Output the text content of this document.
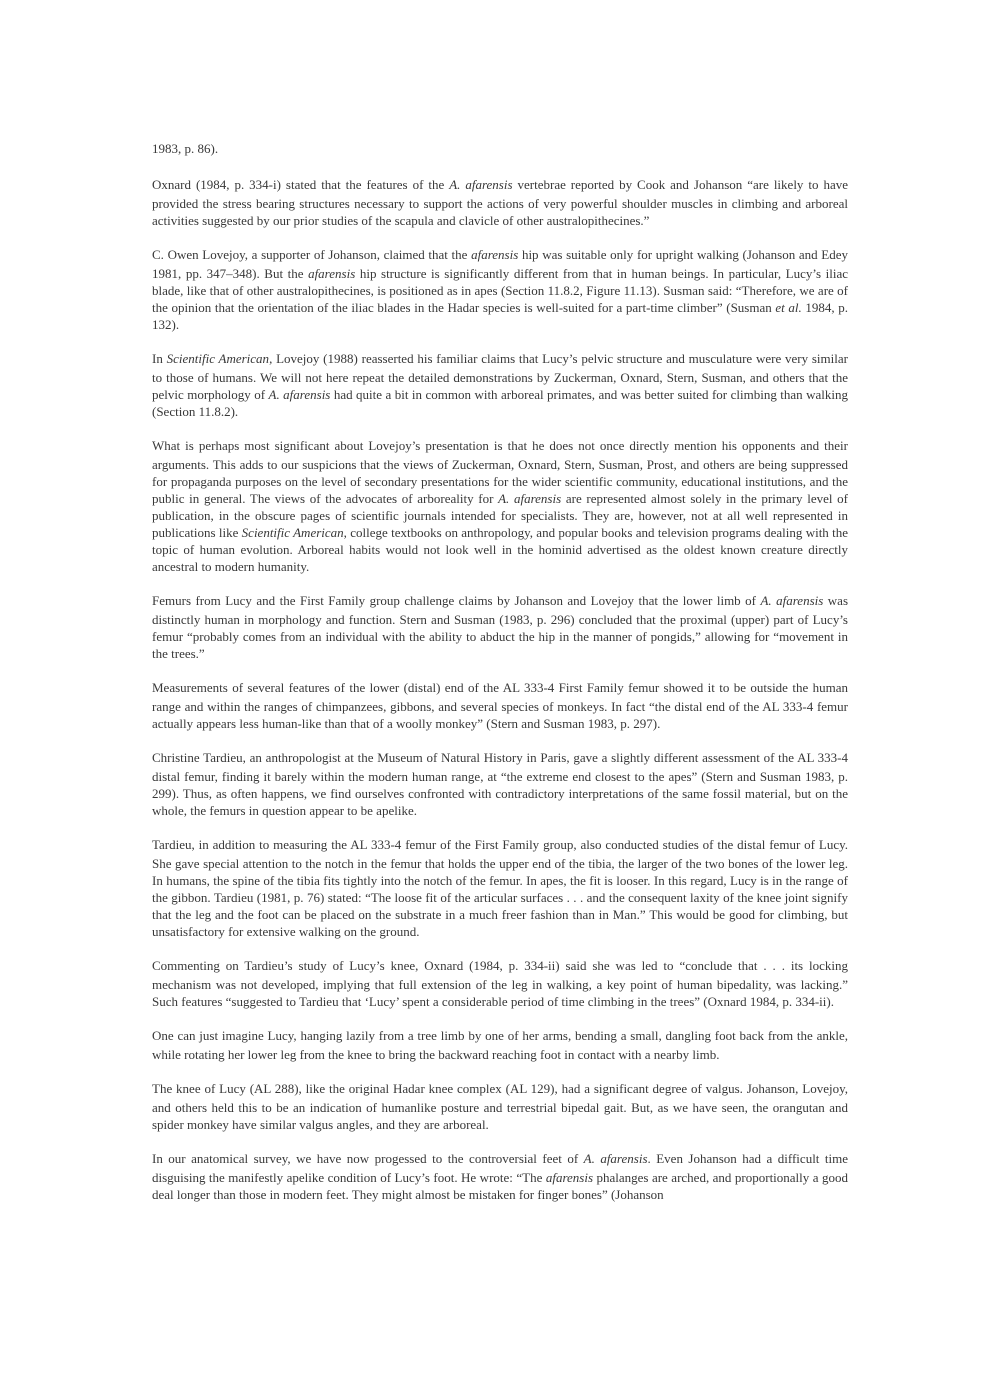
1983, p. 86).

Oxnard (1984, p. 334-i) stated that the features of the A. afarensis vertebrae reported by Cook and Johanson “are likely to have provided the stress bearing structures necessary to support the actions of very powerful shoulder muscles in climbing and arboreal activities suggested by our prior studies of the scapula and clavicle of other australopithecines.”

C. Owen Lovejoy, a supporter of Johanson, claimed that the afarensis hip was suitable only for upright walking (Johanson and Edey 1981, pp. 347–348). But the afarensis hip structure is significantly different from that in human beings. In particular, Lucy’s iliac blade, like that of other australopithecines, is positioned as in apes (Section 11.8.2, Figure 11.13). Susman said: “Therefore, we are of the opinion that the orientation of the iliac blades in the Hadar species is well-suited for a part-time climber” (Susman et al. 1984, p. 132).

In Scientific American, Lovejoy (1988) reasserted his familiar claims that Lucy’s pelvic structure and musculature were very similar to those of humans. We will not here repeat the detailed demonstrations by Zuckerman, Oxnard, Stern, Susman, and others that the pelvic morphology of A. afarensis had quite a bit in common with arboreal primates, and was better suited for climbing than walking (Section 11.8.2).

What is perhaps most significant about Lovejoy’s presentation is that he does not once directly mention his opponents and their arguments. This adds to our suspicions that the views of Zuckerman, Oxnard, Stern, Susman, Prost, and others are being suppressed for propaganda purposes on the level of secondary presentations for the wider scientific community, educational institutions, and the public in general. The views of the advocates of arboreality for A. afarensis are represented almost solely in the primary level of publication, in the obscure pages of scientific journals intended for specialists. They are, however, not at all well represented in publications like Scientific American, college textbooks on anthropology, and popular books and television programs dealing with the topic of human evolution. Arboreal habits would not look well in the hominid advertised as the oldest known creature directly ancestral to modern humanity.

Femurs from Lucy and the First Family group challenge claims by Johanson and Lovejoy that the lower limb of A. afarensis was distinctly human in morphology and function. Stern and Susman (1983, p. 296) concluded that the proximal (upper) part of Lucy’s femur “probably comes from an individual with the ability to abduct the hip in the manner of pongids,” allowing for “movement in the trees.”

Measurements of several features of the lower (distal) end of the AL 333-4 First Family femur showed it to be outside the human range and within the ranges of chimpanzees, gibbons, and several species of monkeys. In fact “the distal end of the AL 333-4 femur actually appears less human-like than that of a woolly monkey” (Stern and Susman 1983, p. 297).

Christine Tardieu, an anthropologist at the Museum of Natural History in Paris, gave a slightly different assessment of the AL 333-4 distal femur, finding it barely within the modern human range, at “the extreme end closest to the apes” (Stern and Susman 1983, p. 299). Thus, as often happens, we find ourselves confronted with contradictory interpretations of the same fossil material, but on the whole, the femurs in question appear to be apelike.

Tardieu, in addition to measuring the AL 333-4 femur of the First Family group, also conducted studies of the distal femur of Lucy. She gave special attention to the notch in the femur that holds the upper end of the tibia, the larger of the two bones of the lower leg. In humans, the spine of the tibia fits tightly into the notch of the femur. In apes, the fit is looser. In this regard, Lucy is in the range of the gibbon. Tardieu (1981, p. 76) stated: “The loose fit of the articular surfaces . . . and the consequent laxity of the knee joint signify that the leg and the foot can be placed on the substrate in a much freer fashion than in Man.” This would be good for climbing, but unsatisfactory for extensive walking on the ground.

Commenting on Tardieu’s study of Lucy’s knee, Oxnard (1984, p. 334-ii) said she was led to “conclude that . . . its locking mechanism was not developed, implying that full extension of the leg in walking, a key point of human bipedality, was lacking.” Such features “suggested to Tardieu that ‘Lucy’ spent a considerable period of time climbing in the trees” (Oxnard 1984, p. 334-ii).

One can just imagine Lucy, hanging lazily from a tree limb by one of her arms, bending a small, dangling foot back from the ankle, while rotating her lower leg from the knee to bring the backward reaching foot in contact with a nearby limb.

The knee of Lucy (AL 288), like the original Hadar knee complex (AL 129), had a significant degree of valgus. Johanson, Lovejoy, and others held this to be an indication of humanlike posture and terrestrial bipedal gait. But, as we have seen, the orangutan and spider monkey have similar valgus angles, and they are arboreal.

In our anatomical survey, we have now progessed to the controversial feet of A. afarensis. Even Johanson had a difficult time disguising the manifestly apelike condition of Lucy’s foot. He wrote: “The afarensis phalanges are arched, and proportionally a good deal longer than those in modern feet. They might almost be mistaken for finger bones” (Johanson
